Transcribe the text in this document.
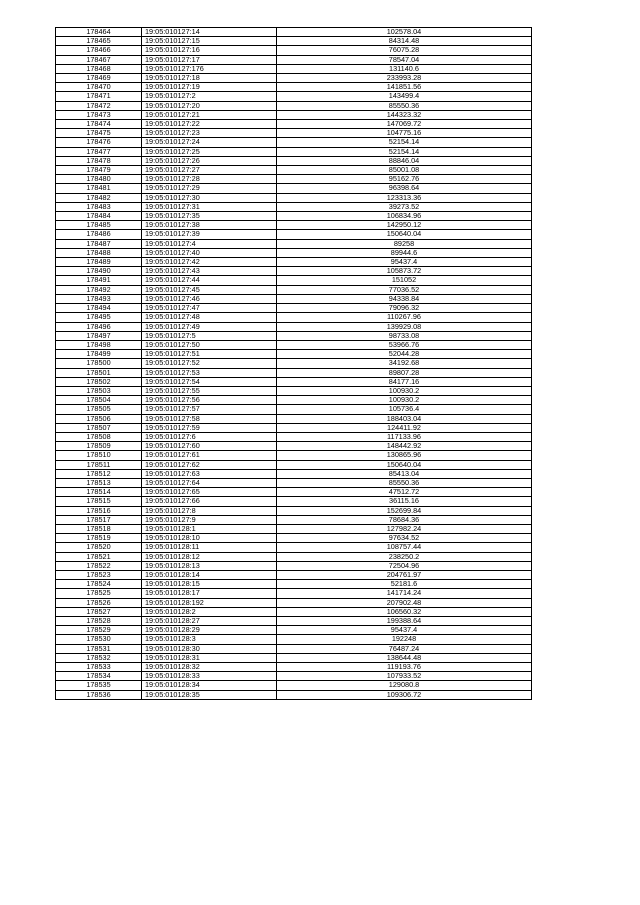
178464	19:05:010127:14	102578.04
178465	19:05:010127:15	84314.48
178466	19:05:010127:16	76075.28
178467	19:05:010127:17	78547.04
178468	19:05:010127:176	131140.6
178469	19:05:010127:18	233993.28
178470	19:05:010127:19	141851.56
178471	19:05:010127:2	143499.4
178472	19:05:010127:20	85550.36
178473	19:05:010127:21	144323.32
178474	19:05:010127:22	147069.72
178475	19:05:010127:23	104775.16
178476	19:05:010127:24	52154.14
178477	19:05:010127:25	52154.14
178478	19:05:010127:26	88846.04
178479	19:05:010127:27	85001.08
178480	19:05:010127:28	95162.76
178481	19:05:010127:29	96398.64
178482	19:05:010127:30	123313.36
178483	19:05:010127:31	39273.52
178484	19:05:010127:35	106834.96
178485	19:05:010127:38	142950.12
178486	19:05:010127:39	150640.04
178487	19:05:010127:4	89258
178488	19:05:010127:40	89944.6
178489	19:05:010127:42	95437.4
178490	19:05:010127:43	105873.72
178491	19:05:010127:44	151052
178492	19:05:010127:45	77036.52
178493	19:05:010127:46	94338.84
178494	19:05:010127:47	79096.32
178495	19:05:010127:48	110267.96
178496	19:05:010127:49	139929.08
178497	19:05:010127:5	98733.08
178498	19:05:010127:50	53966.76
178499	19:05:010127:51	52044.28
178500	19:05:010127:52	34192.68
178501	19:05:010127:53	89807.28
178502	19:05:010127:54	84177.16
178503	19:05:010127:55	100930.2
178504	19:05:010127:56	100930.2
178505	19:05:010127:57	105736.4
178506	19:05:010127:58	188403.04
178507	19:05:010127:59	124411.92
178508	19:05:010127:6	117133.96
178509	19:05:010127:60	148442.92
178510	19:05:010127:61	130865.96
178511	19:05:010127:62	150640.04
178512	19:05:010127:63	85413.04
178513	19:05:010127:64	85550.36
178514	19:05:010127:65	47512.72
178515	19:05:010127:66	36115.16
178516	19:05:010127:8	152699.84
178517	19:05:010127:9	78684.36
178518	19:05:010128:1	127982.24
178519	19:05:010128:10	97634.52
178520	19:05:010128:11	108757.44
178521	19:05:010128:12	238250.2
178522	19:05:010128:13	72504.96
178523	19:05:010128:14	204761.97
178524	19:05:010128:15	52181.6
178525	19:05:010128:17	141714.24
178526	19:05:010128:192	207902.48
178527	19:05:010128:2	106560.32
178528	19:05:010128:27	199388.64
178529	19:05:010128:29	95437.4
178530	19:05:010128:3	192248
178531	19:05:010128:30	76487.24
178532	19:05:010128:31	138644.48
178533	19:05:010128:32	119193.76
178534	19:05:010128:33	107933.52
178535	19:05:010128:34	129080.8
178536	19:05:010128:35	109306.72
